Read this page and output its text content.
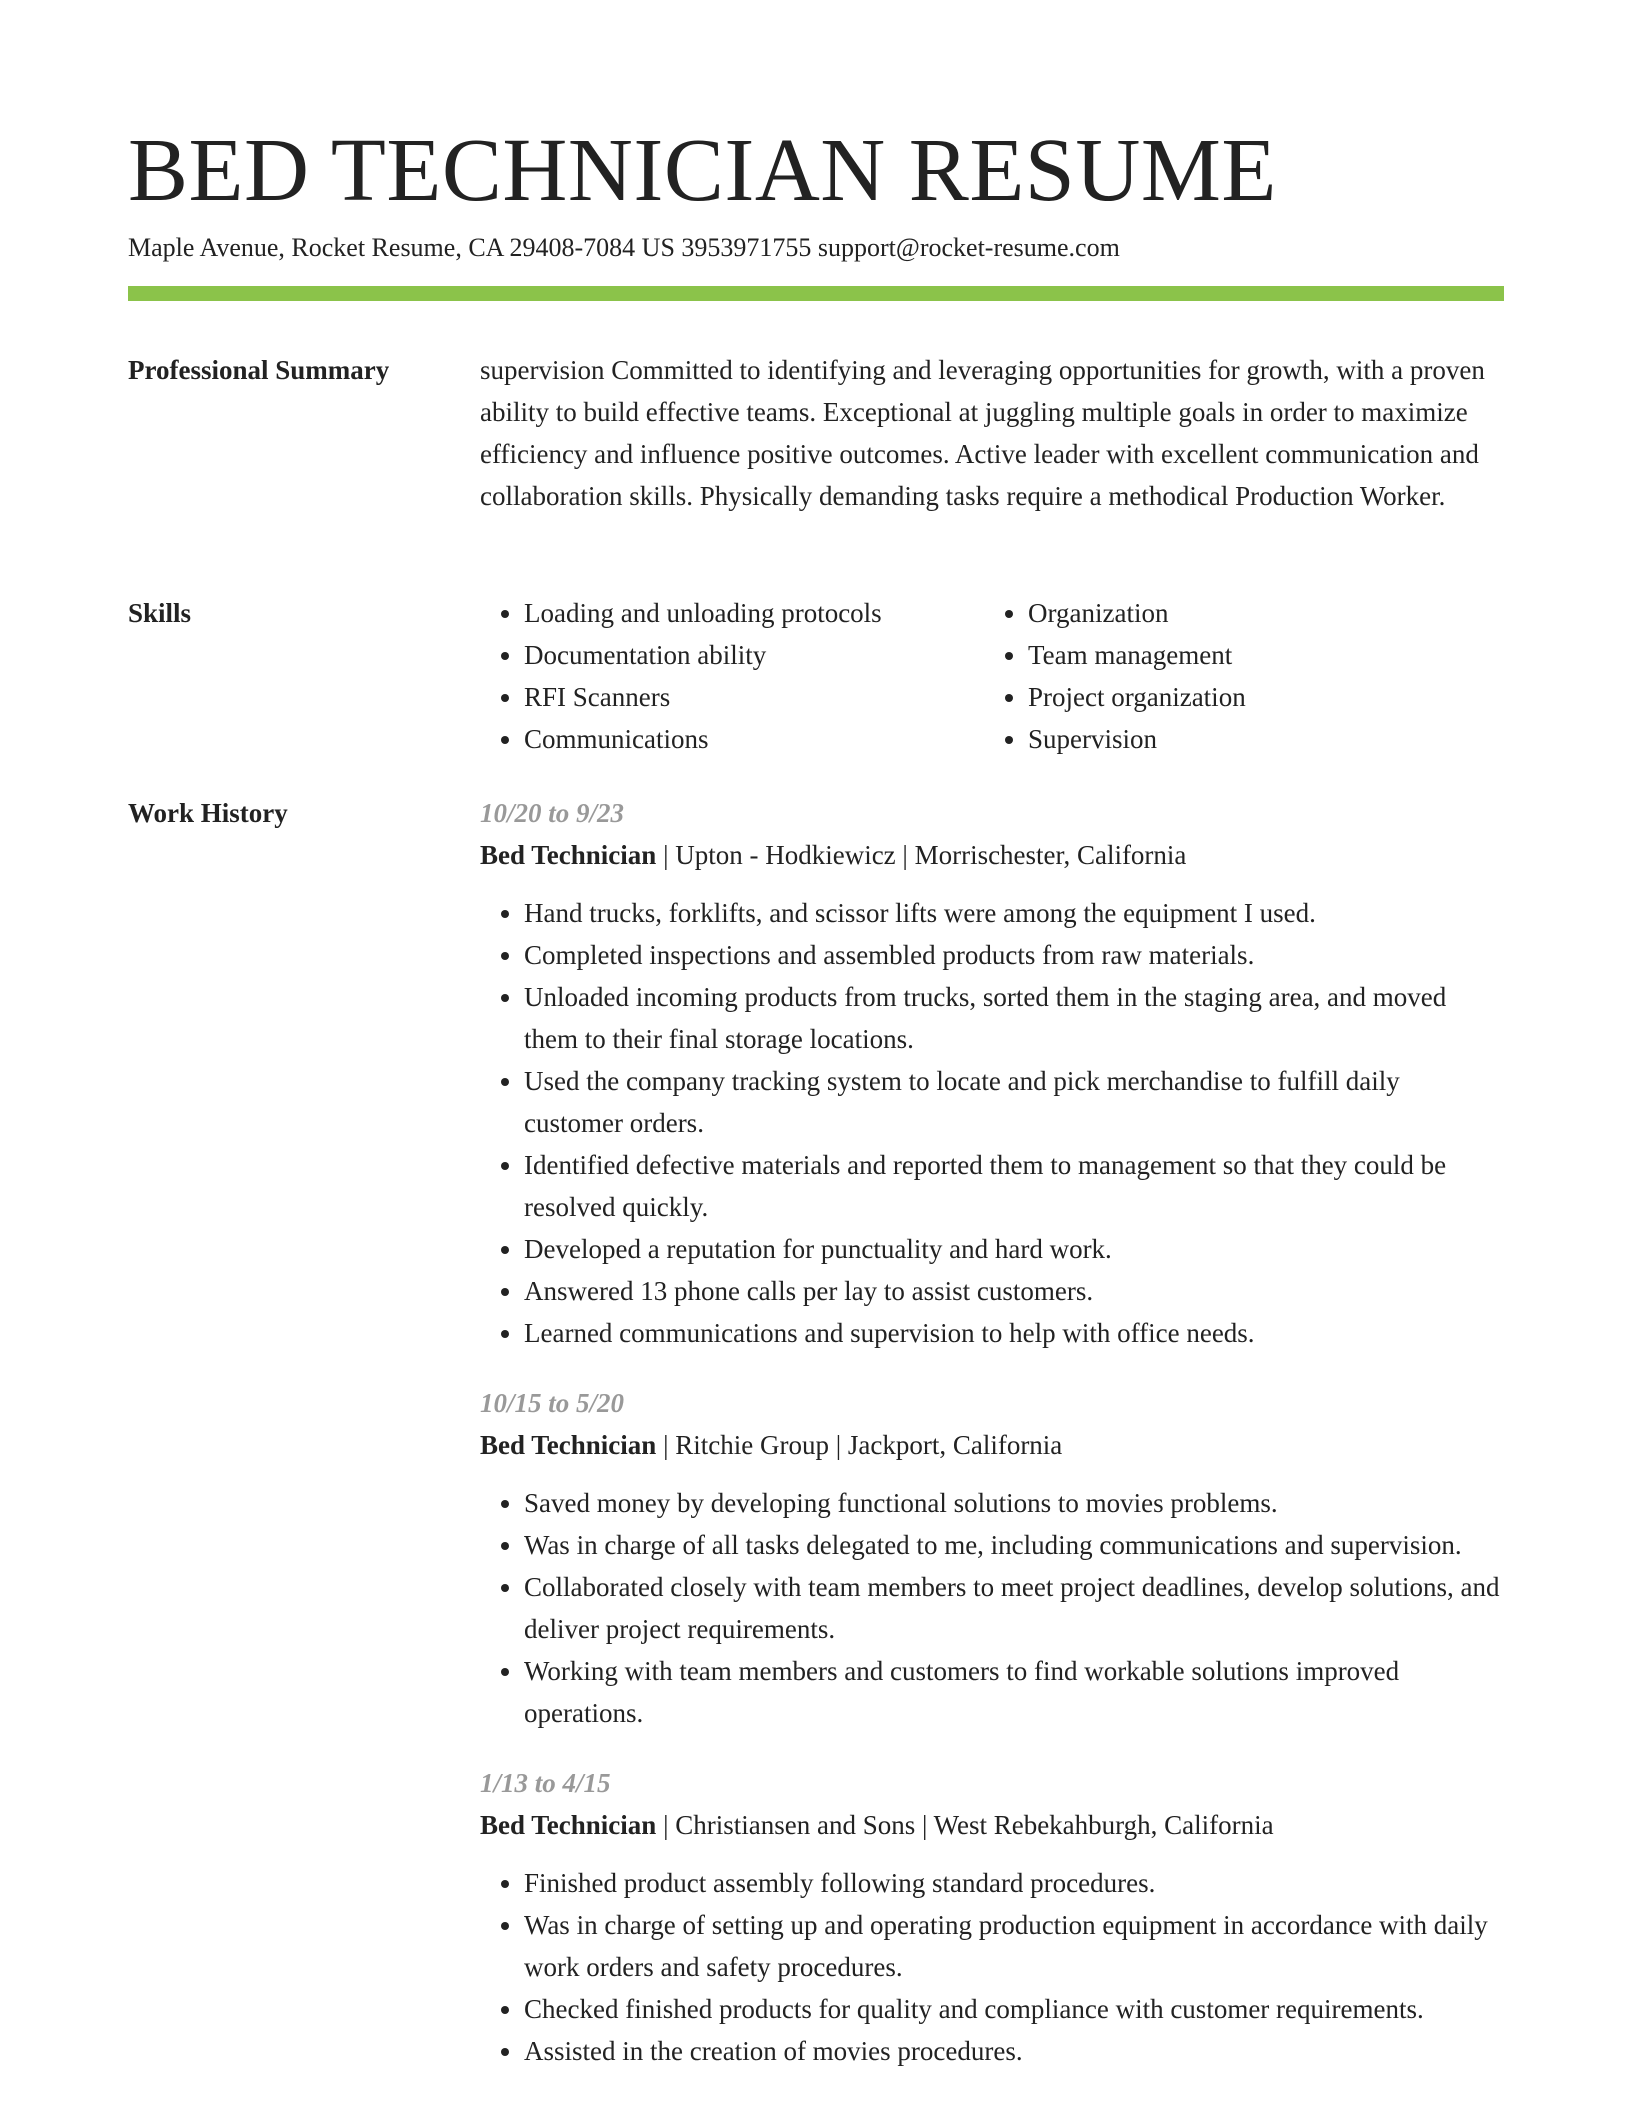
BED TECHNICIAN RESUME
Maple Avenue, Rocket Resume, CA 29408-7084 US 3953971755 support@rocket-resume.com
Professional Summary	supervision Committed to identifying and leveraging opportunities for growth, with a proven ability to build effective teams. Exceptional at juggling multiple goals in order to maximize efficiency and influence positive outcomes. Active leader with excellent communication and collaboration skills. Physically demanding tasks require a methodical Production Worker.

Skills
•	Loading and unloading protocols
• Documentation ability
• RFI Scanners
• Communications
• Organization
• Team management
• Project organization
• Supervision
Work History	10/20 to 9/23
Bed Technician | Upton - Hodkiewicz | Morrischester, California
• Hand trucks, forklifts, and scissor lifts were among the equipment I used.
• Completed inspections and assembled products from raw materials.
• Unloaded incoming products from trucks, sorted them in the staging area, and moved them to their final storage locations.
• Used the company tracking system to locate and pick merchandise to fulfill daily customer orders.
• Identified defective materials and reported them to management so that they could be resolved quickly.
• Developed a reputation for punctuality and hard work.
• Answered 13 phone calls per lay to assist customers.
• Learned communications and supervision to help with office needs.
10/15 to 5/20
Bed Technician | Ritchie Group | Jackport, California
• Saved money by developing functional solutions to movies problems.
• Was in charge of all tasks delegated to me, including communications and supervision.
• Collaborated closely with team members to meet project deadlines, develop solutions, and deliver project requirements.
• Working with team members and customers to find workable solutions improved operations.
1/13 to 4/15
Bed Technician | Christiansen and Sons | West Rebekahburgh, California
• Finished product assembly following standard procedures.
• Was in charge of setting up and operating production equipment in accordance with daily work orders and safety procedures.
• Checked finished products for quality and compliance with customer requirements.
• Assisted in the creation of movies procedures.
